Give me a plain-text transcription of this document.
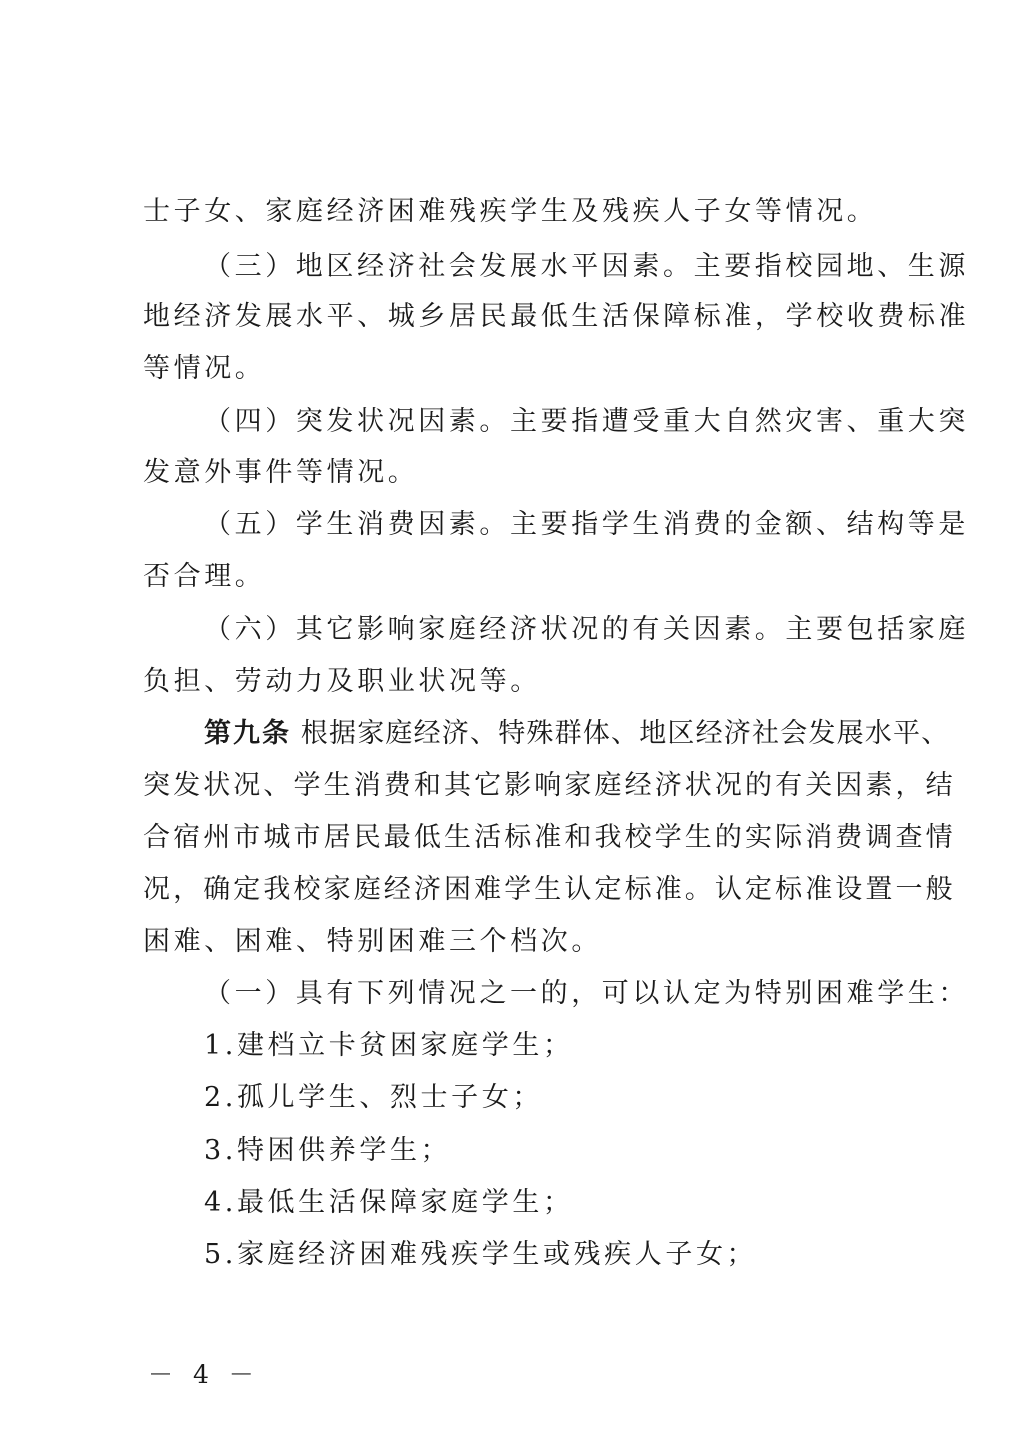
士子女、家庭经济困难残疾学生及残疾人子女等情况。
（三）地区经济社会发展水平因素。主要指校园地、生源
地经济发展水平、城乡居民最低生活保障标准，学校收费标准
等情况。
（四）突发状况因素。主要指遭受重大自然灾害、重大突
发意外事件等情况。
（五）学生消费因素。主要指学生消费的金额、结构等是
否合理。
（六）其它影响家庭经济状况的有关因素。主要包括家庭
负担、劳动力及职业状况等。
第九条 根据家庭经济、特殊群体、地区经济社会发展水平、
突发状况、学生消费和其它影响家庭经济状况的有关因素，结
合宿州市城市居民最低生活标准和我校学生的实际消费调查情
况，确定我校家庭经济困难学生认定标准。认定标准设置一般
困难、困难、特别困难三个档次。
（一）具有下列情况之一的，可以认定为特别困难学生：
1.建档立卡贫困家庭学生；
2.孤儿学生、烈士子女；
3.特困供养学生；
4.最低生活保障家庭学生；
5.家庭经济困难残疾学生或残疾人子女；
－ 4 －
